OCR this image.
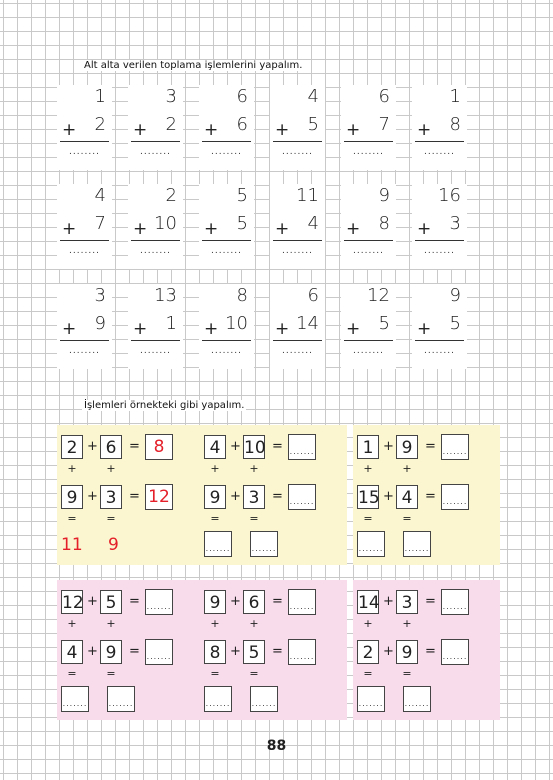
Alt alta verilen toplama işlemlerini yapalım.
1
+ 2
........
3
+ 2
........
6
+ 6
........
4
+ 5
........
6
+ 7
........
1
+ 8
........
4
+ 7
........
2
+ 10
........
5
+ 5
........
11
+ 4
........
9
+ 8
........
16
+ 3
........
3
+ 9
........
13
+ 1
........
8
+ 10
........
6
+ 14
........
12
+ 5
........
9
+ 5
........
İşlemleri örnekteki gibi yapalım.
2 + 6 = 8
+	+
9 + 3 = 12
=	=
11 9
4 + 10 = .......
+	+
9 + 3 = .......
=	=
.......	.......
1 + 9 = .......
+	+
15 + 4 = .......
=	=
.......	.......
12 + 5 = .......
+	+
4 + 9 = .......
=	=
.......	.......
9 + 6 = .......
+	+
8 + 5 = .......
=	=
.......	.......
14 + 3 = .......
+	+
2 + 9 = .......
=	=
.......	.......
88
